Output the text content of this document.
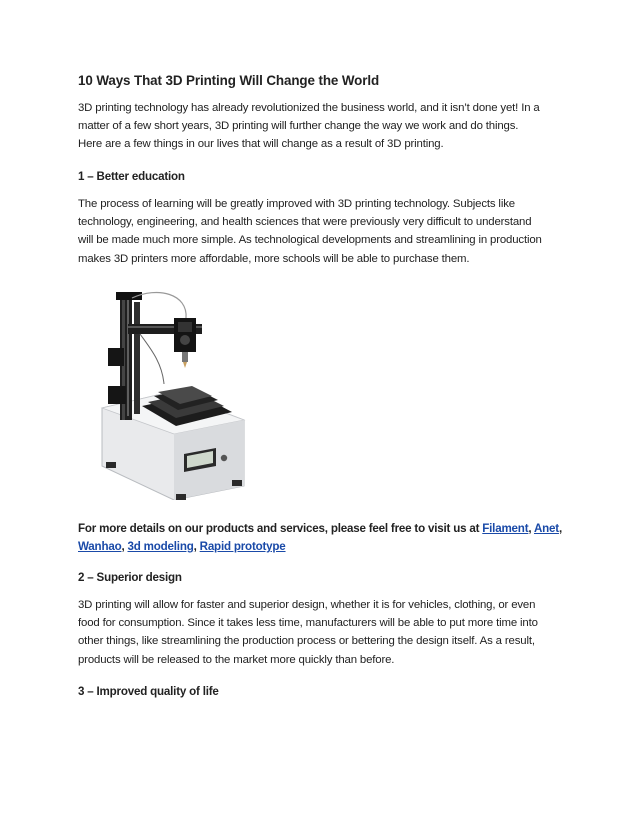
10 Ways That 3D Printing Will Change the World

3D printing technology has already revolutionized the business world, and it isn’t done yet! In a
matter of a few short years, 3D printing will further change the way we work and do things.
Here are a few things in our lives that will change as a result of 3D printing.

1 – Better education

The process of learning will be greatly improved with 3D printing technology. Subjects like
technology, engineering, and health sciences that were previously very difficult to understand
will be made much more simple. As technological developments and streamlining in production
makes 3D printers more affordable, more schools will be able to purchase them.

For more details on our products and services, please feel free to visit us at Filament, Anet,
Wanhao, 3d modeling, Rapid prototype
2 – Superior design

3D printing will allow for faster and superior design, whether it is for vehicles, clothing, or even
food for consumption. Since it takes less time, manufacturers will be able to put more time into
other things, like streamlining the production process or bettering the design itself. As a result,
products will be released to the market more quickly than before.

3 – Improved quality of life
